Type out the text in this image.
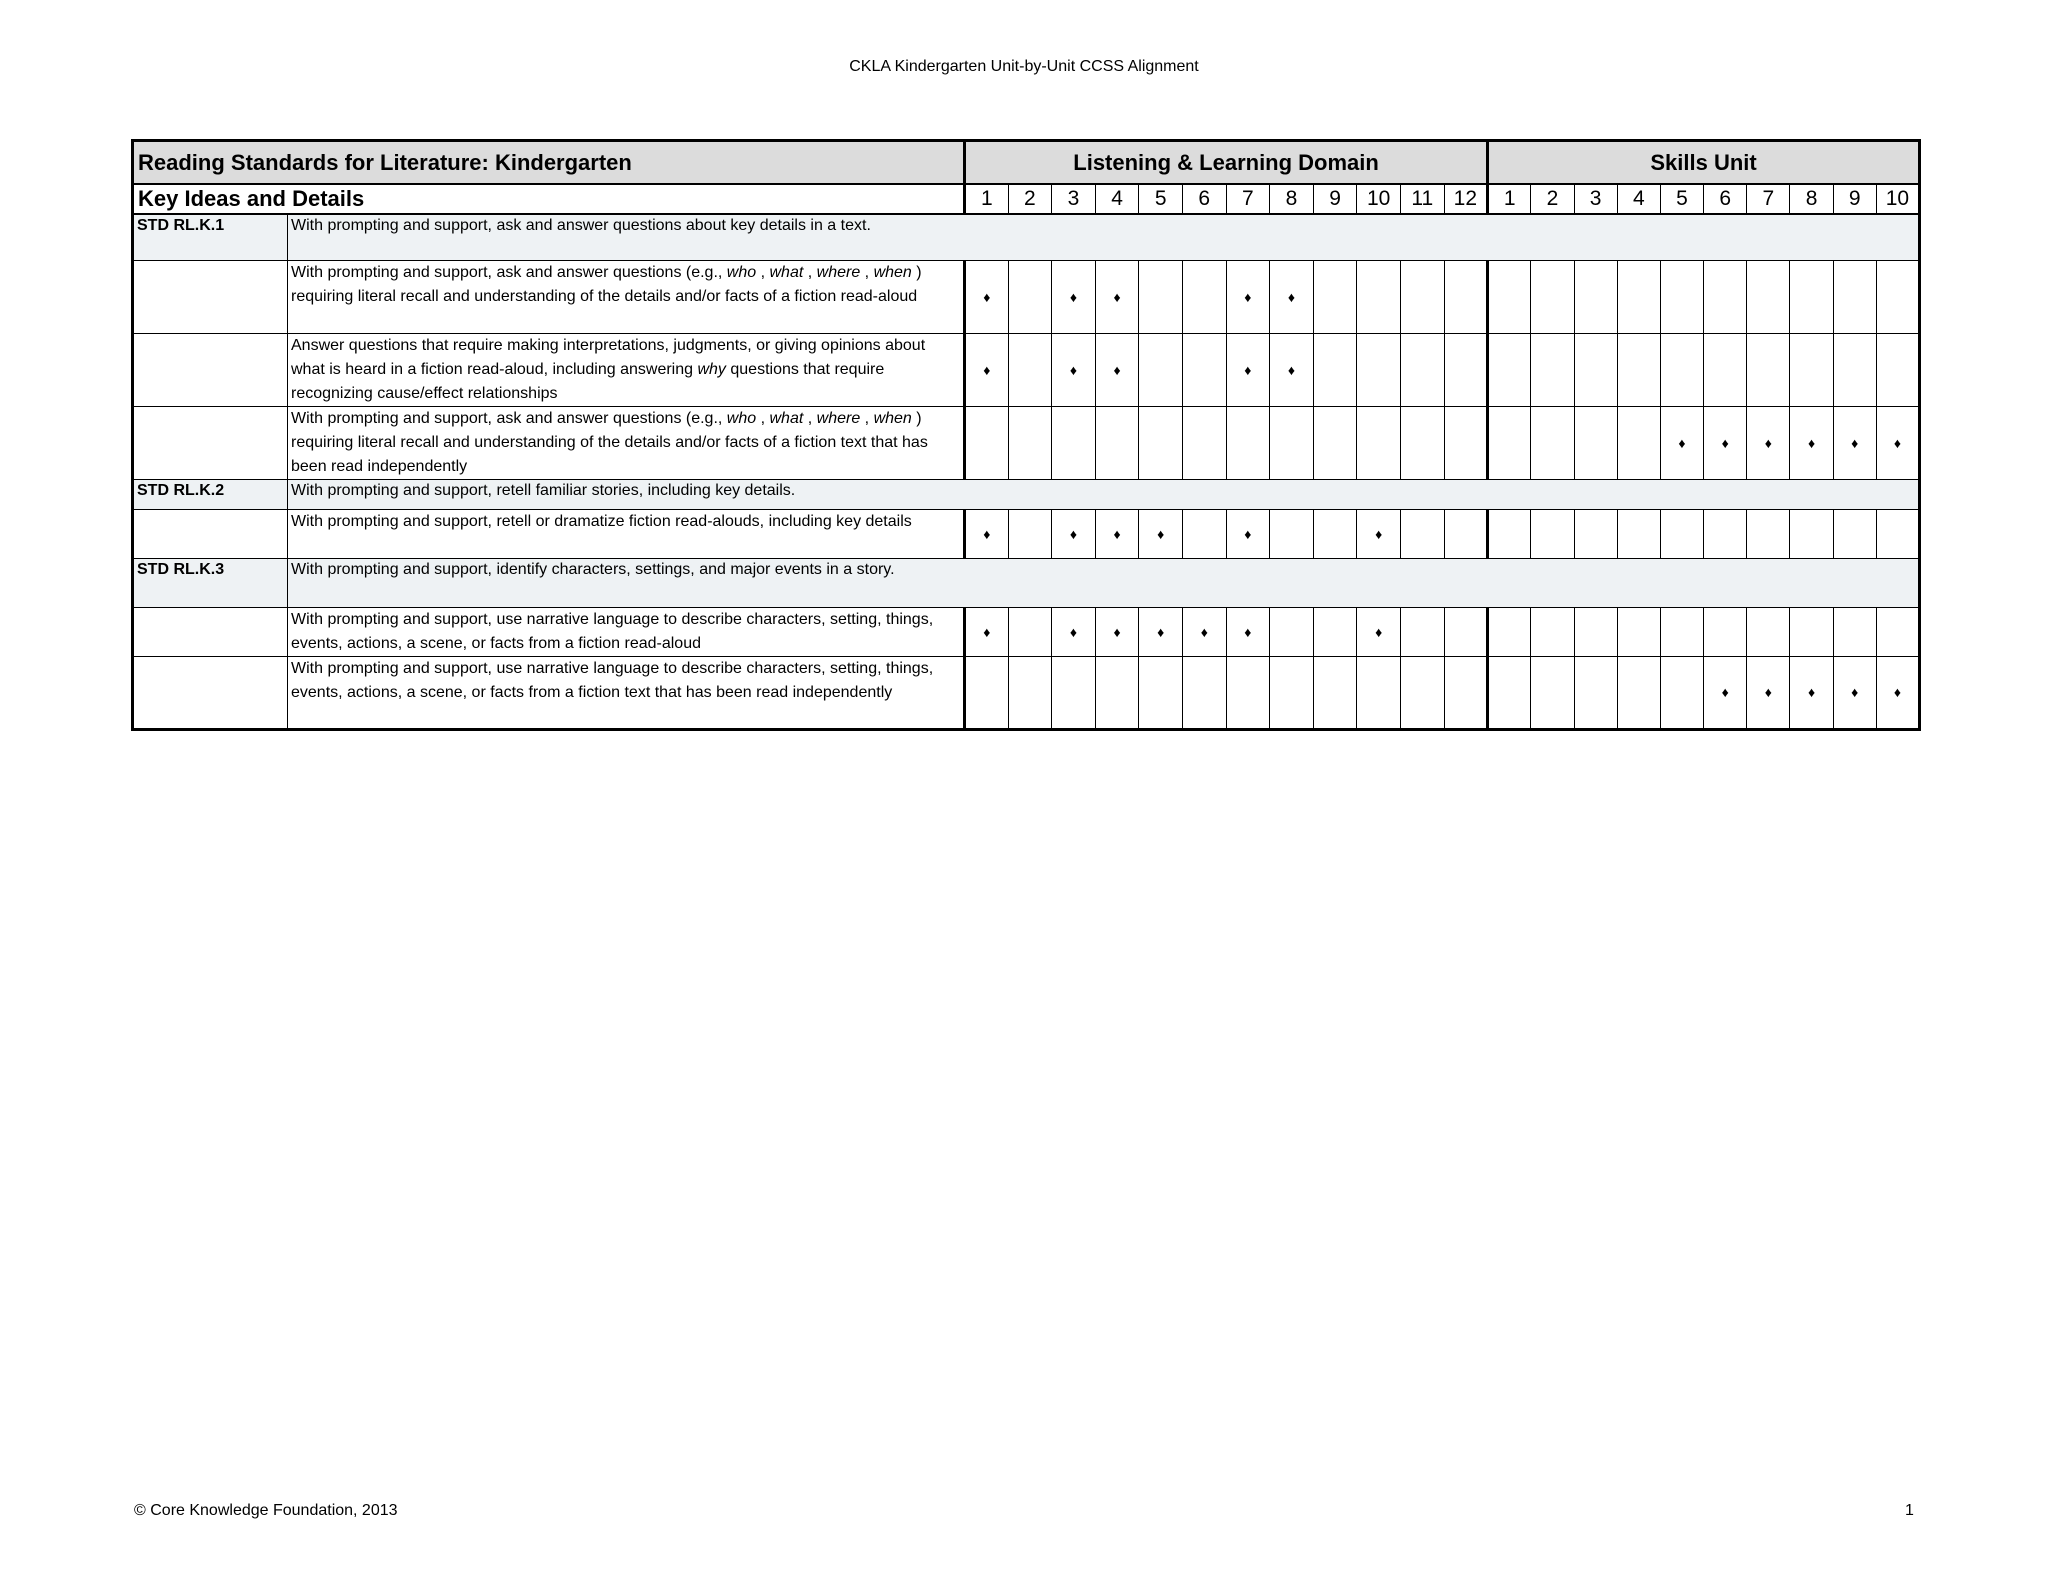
CKLA Kindergarten Unit-by-Unit CCSS Alignment
Reading Standards for Literature: Kindergarten		Listening & Learning Domain												Skills Unit									
Key Ideas and Details		1	2	3	4	5	6	7	8	9	10	11	12	1	2	3	4	5	6	7	8	9	10
STD RL.K.1	With prompting and support, ask and answer questions about key details in a text.																						
	With prompting and support, ask and answer questions (e.g., who , what , where , when ) requiring literal recall and understanding of the details and/or facts of a fiction read-aloud	♦		♦	♦			♦	♦														
	Answer questions that require making interpretations, judgments, or giving opinions about what is heard in a fiction read-aloud, including answering why questions that require recognizing cause/effect relationships	♦		♦	♦			♦	♦														
	With prompting and support, ask and answer questions (e.g., who , what , where , when ) requiring literal recall and understanding of the details and/or facts of a fiction text that has been read independently																	♦	♦	♦	♦	♦	♦
STD RL.K.2	With prompting and support, retell familiar stories, including key details.																						
	With prompting and support, retell or dramatize fiction read-alouds, including key details	♦		♦	♦	♦		♦			♦												
STD RL.K.3	With prompting and support, identify characters, settings, and major events in a story.																						
	With prompting and support, use narrative language to describe characters, setting, things, events, actions, a scene, or facts from a fiction read-aloud	♦		♦	♦	♦	♦	♦			♦												
	With prompting and support, use narrative language to describe characters, setting, things, events, actions, a scene, or facts from a fiction text that has been read independently																		♦	♦	♦	♦	♦
© Core Knowledge Foundation, 2013	1
